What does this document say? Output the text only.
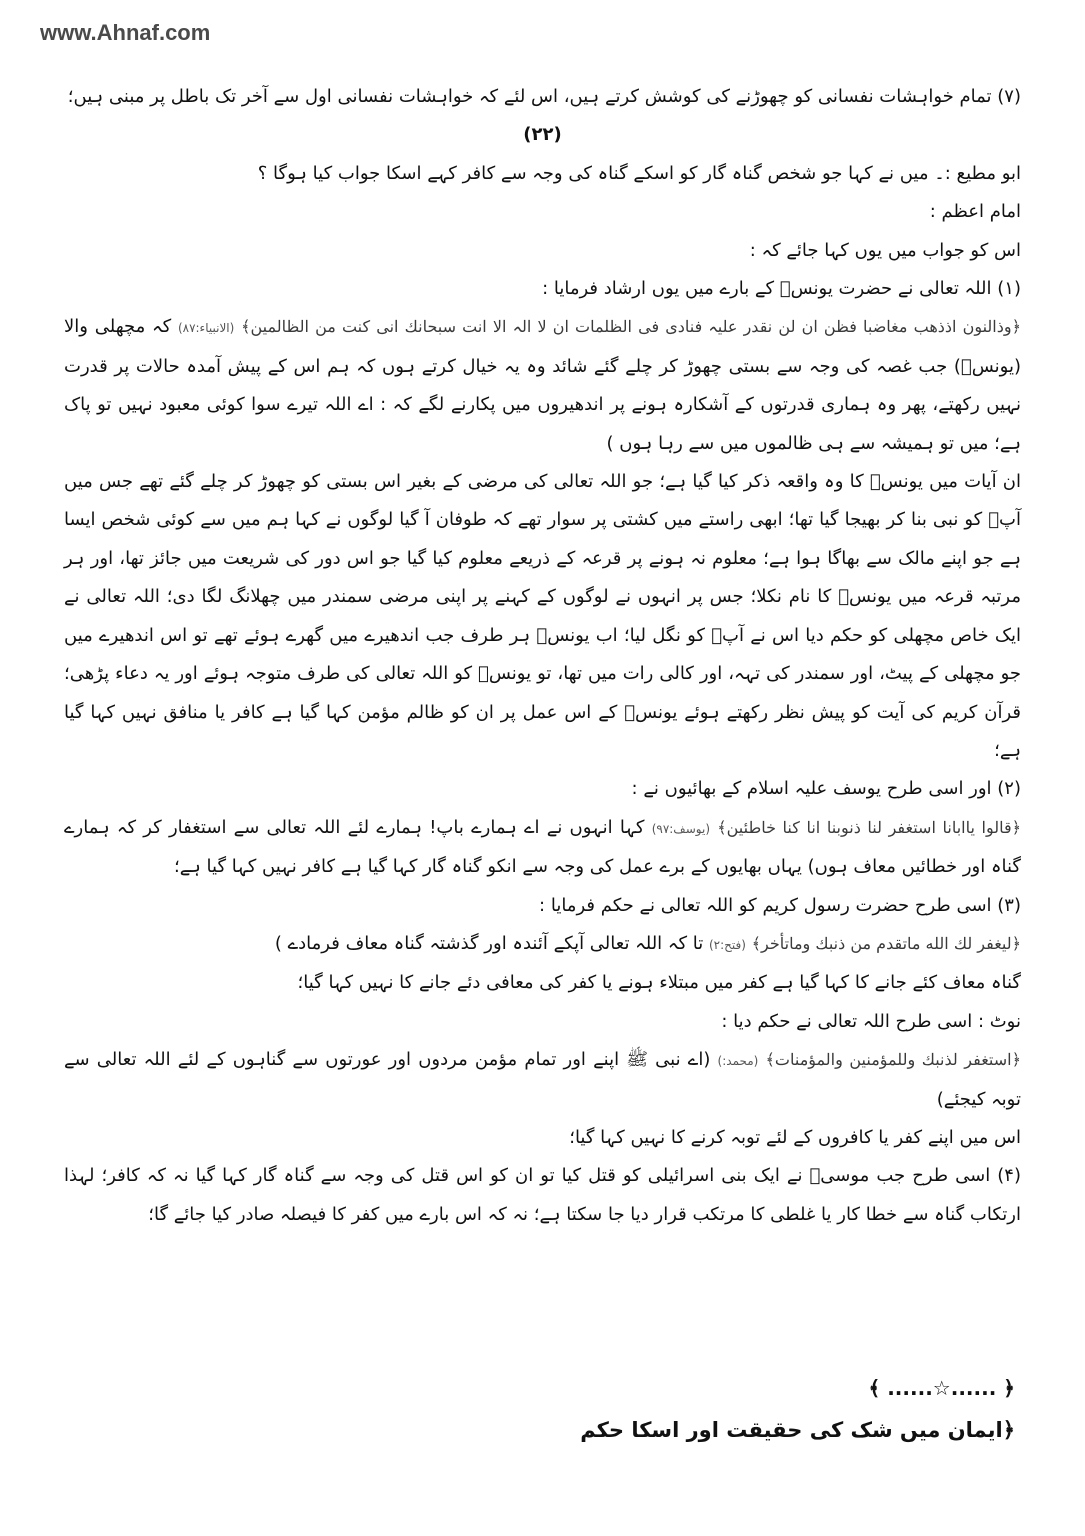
www.Ahnaf.com

(۷) تمام خواہشات نفسانی کو چھوڑنے کی کوشش کرتے ہیں، اس لئے کہ خواہشات نفسانی اول سے آخر تک باطل پر مبنی ہیں؛

(۲۲)

ابو مطیع :۔ میں نے کہا جو شخص گناہ گار کو اسکے گناہ کی وجہ سے کافر کہے اسکا جواب کیا ہوگا ؟

امام اعظم :

اس کو جواب میں یوں کہا جائے کہ :

(۱) اللہ تعالی نے حضرت یونسؑ کے بارے میں یوں ارشاد فرمایا :

﴿وذالنون اذذھب مغاضبا فظن ان لن نقدر علیہ فنادی فی الظلمات ان لا الہ الا انت سبحانك انی کنت من الظالمین﴾ (الانبیاء:۸۷) کہ مچھلی والا (یونسؑ) جب غصہ کی وجہ سے بستی چھوڑ کر چلے گئے شائد وہ یہ خیال کرتے ہوں کہ ہم اس کے پیش آمدہ حالات پر قدرت نہیں رکھتے، پھر وہ ہماری قدرتوں کے آشکارہ ہونے پر اندھیروں میں پکارنے لگے کہ : اے اللہ تیرے سوا کوئی معبود نہیں تو پاک ہے؛ میں تو ہمیشہ سے ہی ظالموں میں سے رہا ہوں )

ان آیات میں یونسؑ کا وہ واقعہ ذکر کیا گیا ہے؛ جو اللہ تعالی کی مرضی کے بغیر اس بستی کو چھوڑ کر چلے گئے تھے جس میں آپؑ کو نبی بنا کر بھیجا گیا تھا؛ ابھی راستے میں کشتی پر سوار تھے کہ طوفان آ گیا لوگوں نے کہا ہم میں سے کوئی شخص ایسا ہے جو اپنے مالک سے بھاگا ہوا ہے؛ معلوم نہ ہونے پر قرعہ کے ذریعے معلوم کیا گیا جو اس دور کی شریعت میں جائز تھا، اور ہر مرتبہ قرعہ میں یونسؑ کا نام نکلا؛ جس پر انہوں نے لوگوں کے کہنے پر اپنی مرضی سمندر میں چھلانگ لگا دی؛ اللہ تعالی نے ایک خاص مچھلی کو حکم دیا اس نے آپؑ کو نگل لیا؛ اب یونسؑ ہر طرف جب اندھیرے میں گھرے ہوئے تھے تو اس اندھیرے میں جو مچھلی کے پیٹ، اور سمندر کی تہہ، اور کالی رات میں تھا، تو یونسؑ کو اللہ تعالی کی طرف متوجہ ہوئے اور یہ دعاء پڑھی؛ قرآن کریم کی آیت کو پیش نظر رکھتے ہوئے یونسؑ کے اس عمل پر ان کو ظالم مؤمن کہا گیا ہے کافر یا منافق نہیں کہا گیا ہے؛

(۲) اور اسی طرح یوسف علیہ اسلام کے بھائیوں نے :

﴿قالوا یاابانا استغفر لنا ذنوبنا انا کنا خاطئین﴾ (یوسف:۹۷) کہا انہوں نے اے ہمارے باپ! ہمارے لئے اللہ تعالی سے استغفار کر کہ ہمارے گناہ اور خطائیں معاف ہوں) یہاں بھایوں کے برے عمل کی وجہ سے انکو گناہ گار کہا گیا ہے کافر نہیں کہا گیا ہے؛

(۳) اسی طرح حضرت رسول کریم کو اللہ تعالی نے حکم فرمایا :

﴿لیغفر لك الله ماتقدم من ذنبك وماتأخر﴾ (فتح:۲) تا کہ اللہ تعالی آپکے آئندہ اور گذشتہ گناہ معاف فرمادے )

گناہ معاف کئے جانے کا کہا گیا ہے کفر میں مبتلاء ہونے یا کفر کی معافی دئے جانے کا نہیں کہا گیا؛

نوٹ : اسی طرح اللہ تعالی نے حکم دیا :

﴿استغفر لذنبك وللمؤمنين والمؤمنات﴾ (محمد:) (اے نبی ﷺ اپنے اور تمام مؤمن مردوں اور عورتوں سے گناہوں کے لئے اللہ تعالی سے توبہ کیجئے)

اس میں اپنے کفر یا کافروں کے لئے توبہ کرنے کا نہیں کہا گیا؛

(۴) اسی طرح جب موسیؑ نے ایک بنی اسرائیلی کو قتل کیا تو ان کو اس قتل کی وجہ سے گناہ گار کہا گیا نہ کہ کافر؛ لہذا ارتکاب گناہ سے خطا کار یا غلطی کا مرتکب قرار دیا جا سکتا ہے؛ نہ کہ اس بارے میں کفر کا فیصلہ صادر کیا جائے گا؛

﴾ ......☆...... ﴿
﴿ایمان میں شک کی حقیقت اور اسکا حکم
